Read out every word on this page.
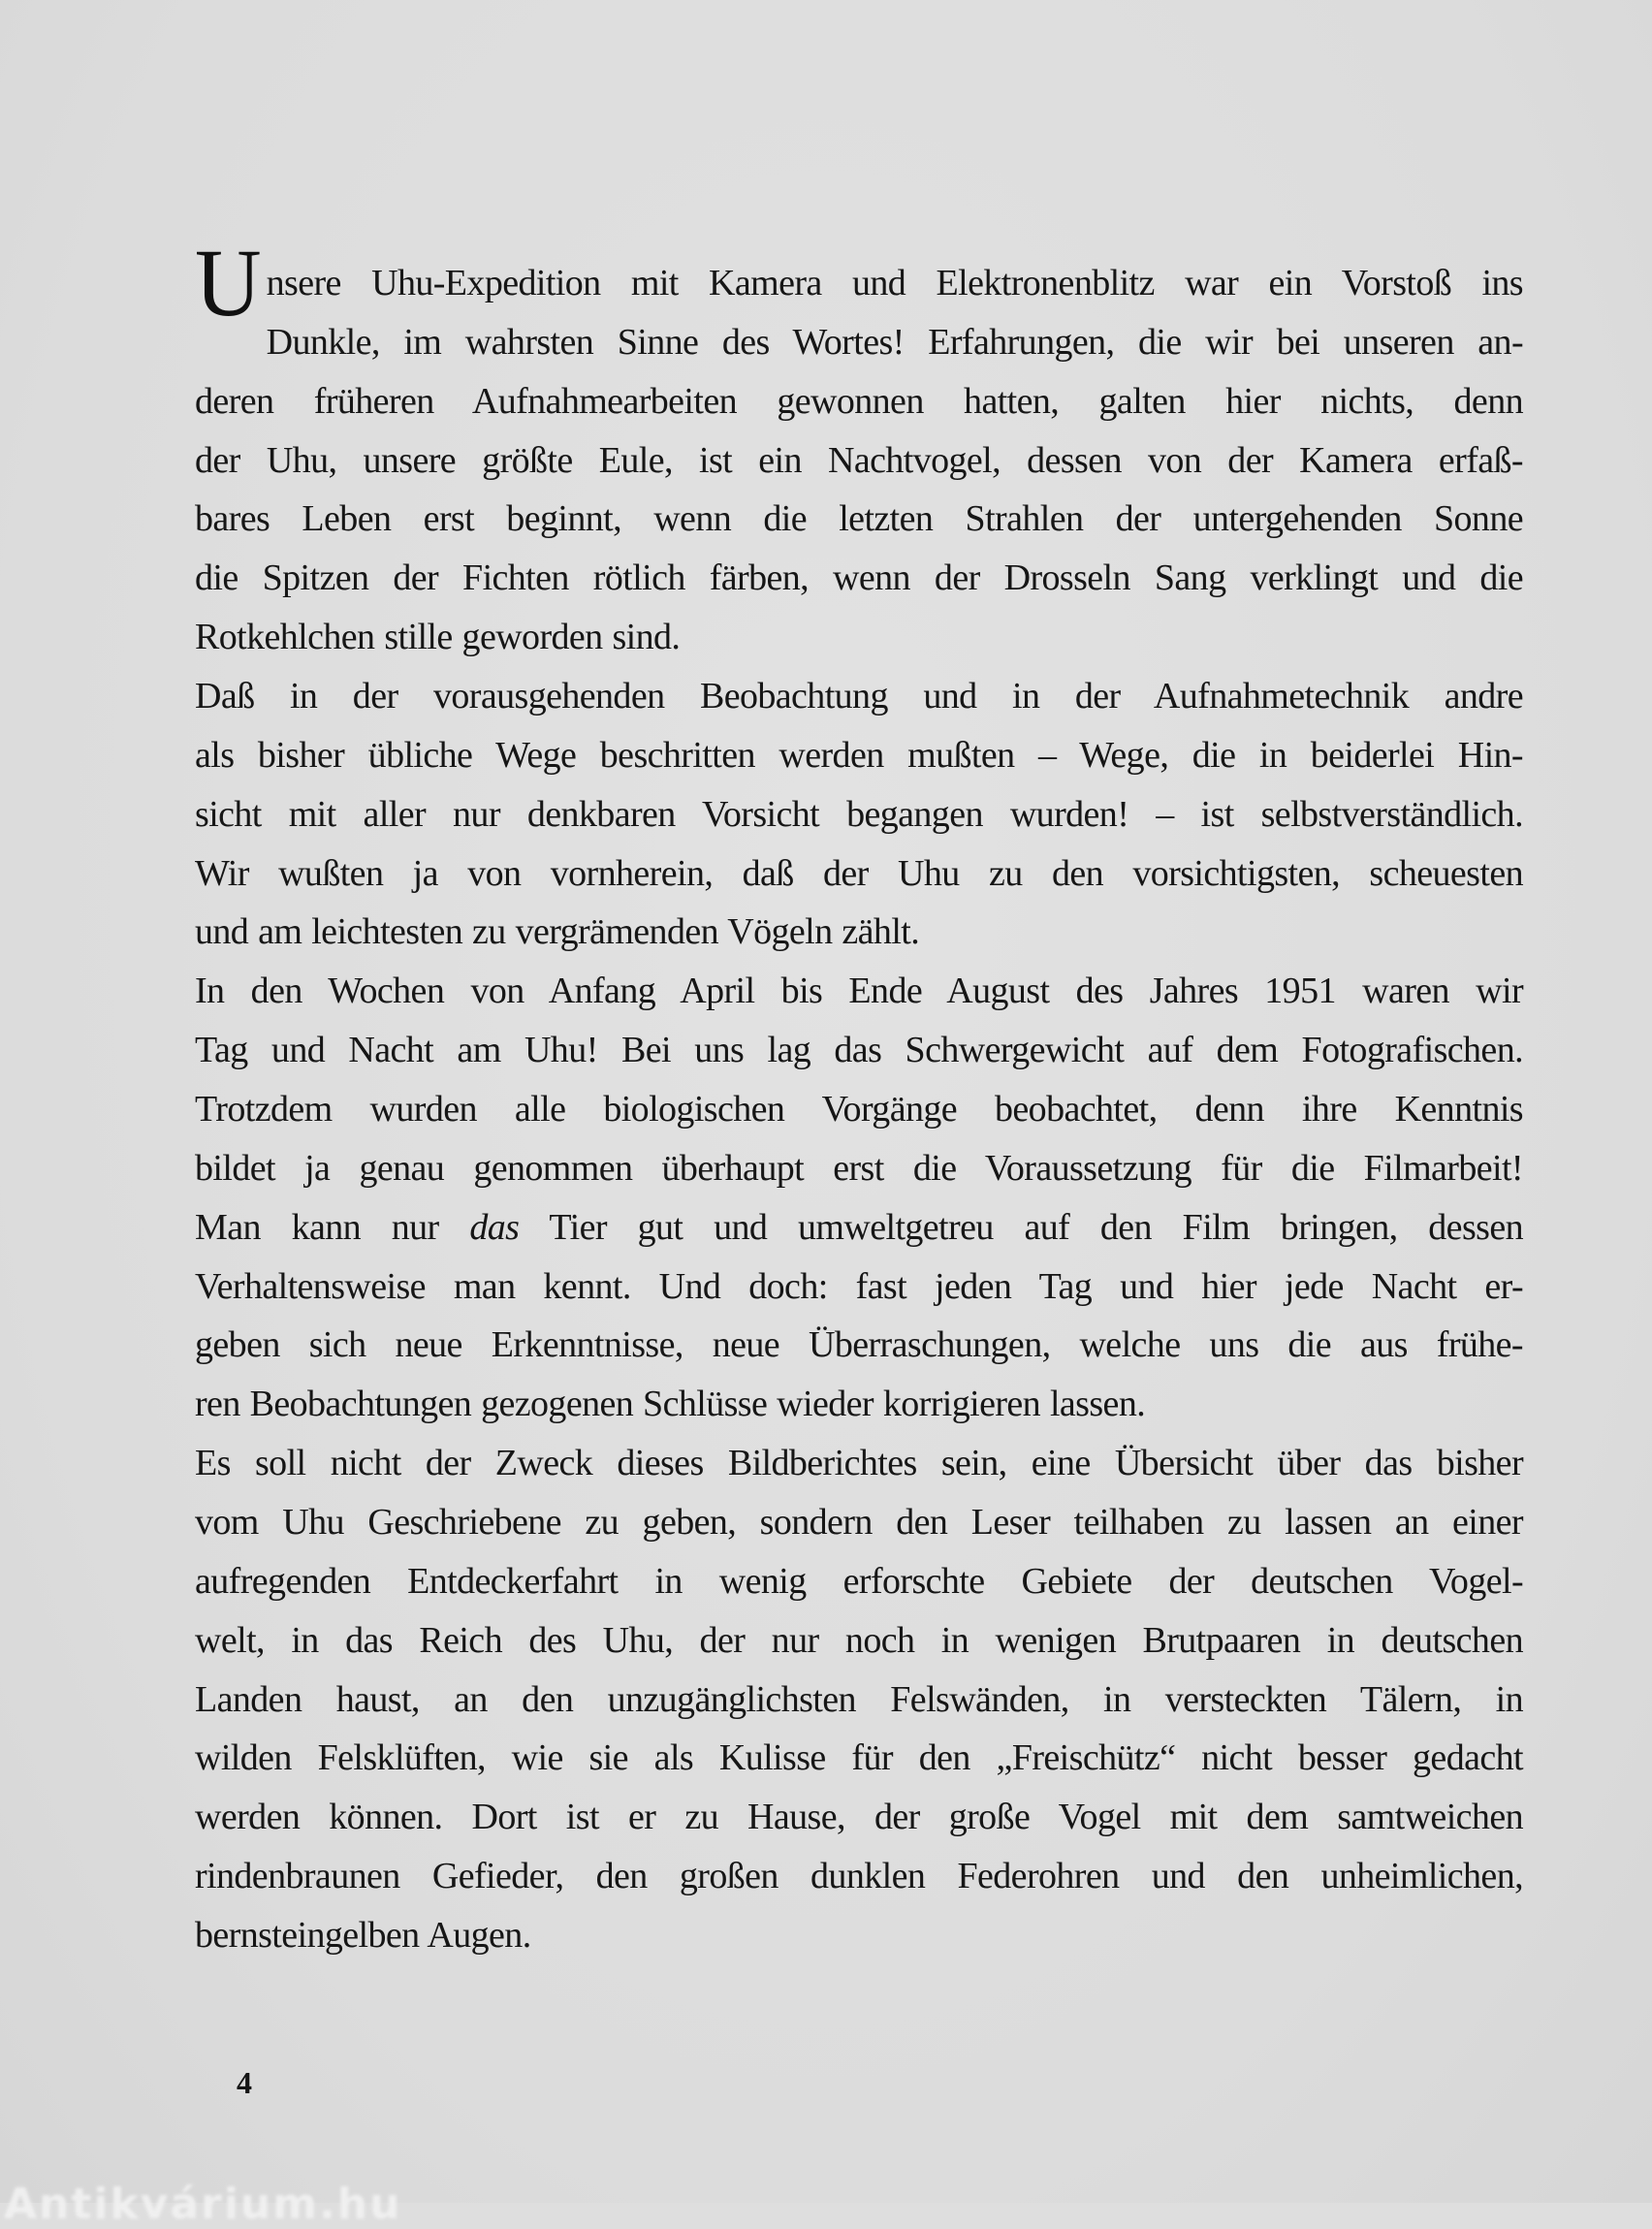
Unsere Uhu-Expedition mit Kamera und Elektronenblitz war ein Vorstoß ins
Dunkle, im wahrsten Sinne des Wortes! Erfahrungen, die wir bei unseren an-
deren früheren Aufnahmearbeiten gewonnen hatten, galten hier nichts, denn
der Uhu, unsere größte Eule, ist ein Nachtvogel, dessen von der Kamera erfaß-
bares Leben erst beginnt, wenn die letzten Strahlen der untergehenden Sonne
die Spitzen der Fichten rötlich färben, wenn der Drosseln Sang verklingt und die
Rotkehlchen stille geworden sind.
Daß in der vorausgehenden Beobachtung und in der Aufnahmetechnik andre
als bisher übliche Wege beschritten werden mußten – Wege, die in beiderlei Hin-
sicht mit aller nur denkbaren Vorsicht begangen wurden! – ist selbstverständlich.
Wir wußten ja von vornherein, daß der Uhu zu den vorsichtigsten, scheuesten
und am leichtesten zu vergrämenden Vögeln zählt.
In den Wochen von Anfang April bis Ende August des Jahres 1951 waren wir
Tag und Nacht am Uhu! Bei uns lag das Schwergewicht auf dem Fotografischen.
Trotzdem wurden alle biologischen Vorgänge beobachtet, denn ihre Kenntnis
bildet ja genau genommen überhaupt erst die Voraussetzung für die Filmarbeit!
Man kann nur das Tier gut und umweltgetreu auf den Film bringen, dessen
Verhaltensweise man kennt. Und doch: fast jeden Tag und hier jede Nacht er-
geben sich neue Erkenntnisse, neue Überraschungen, welche uns die aus frühe-
ren Beobachtungen gezogenen Schlüsse wieder korrigieren lassen.
Es soll nicht der Zweck dieses Bildberichtes sein, eine Übersicht über das bisher
vom Uhu Geschriebene zu geben, sondern den Leser teilhaben zu lassen an einer
aufregenden Entdeckerfahrt in wenig erforschte Gebiete der deutschen Vogel-
welt, in das Reich des Uhu, der nur noch in wenigen Brutpaaren in deutschen
Landen haust, an den unzugänglichsten Felswänden, in versteckten Tälern, in
wilden Felsklüften, wie sie als Kulisse für den „Freischütz“ nicht besser gedacht
werden können. Dort ist er zu Hause, der große Vogel mit dem samtweichen
rindenbraunen Gefieder, den großen dunklen Federohren und den unheimlichen,
bernsteingelben Augen.
4
Antikvárium.hu
